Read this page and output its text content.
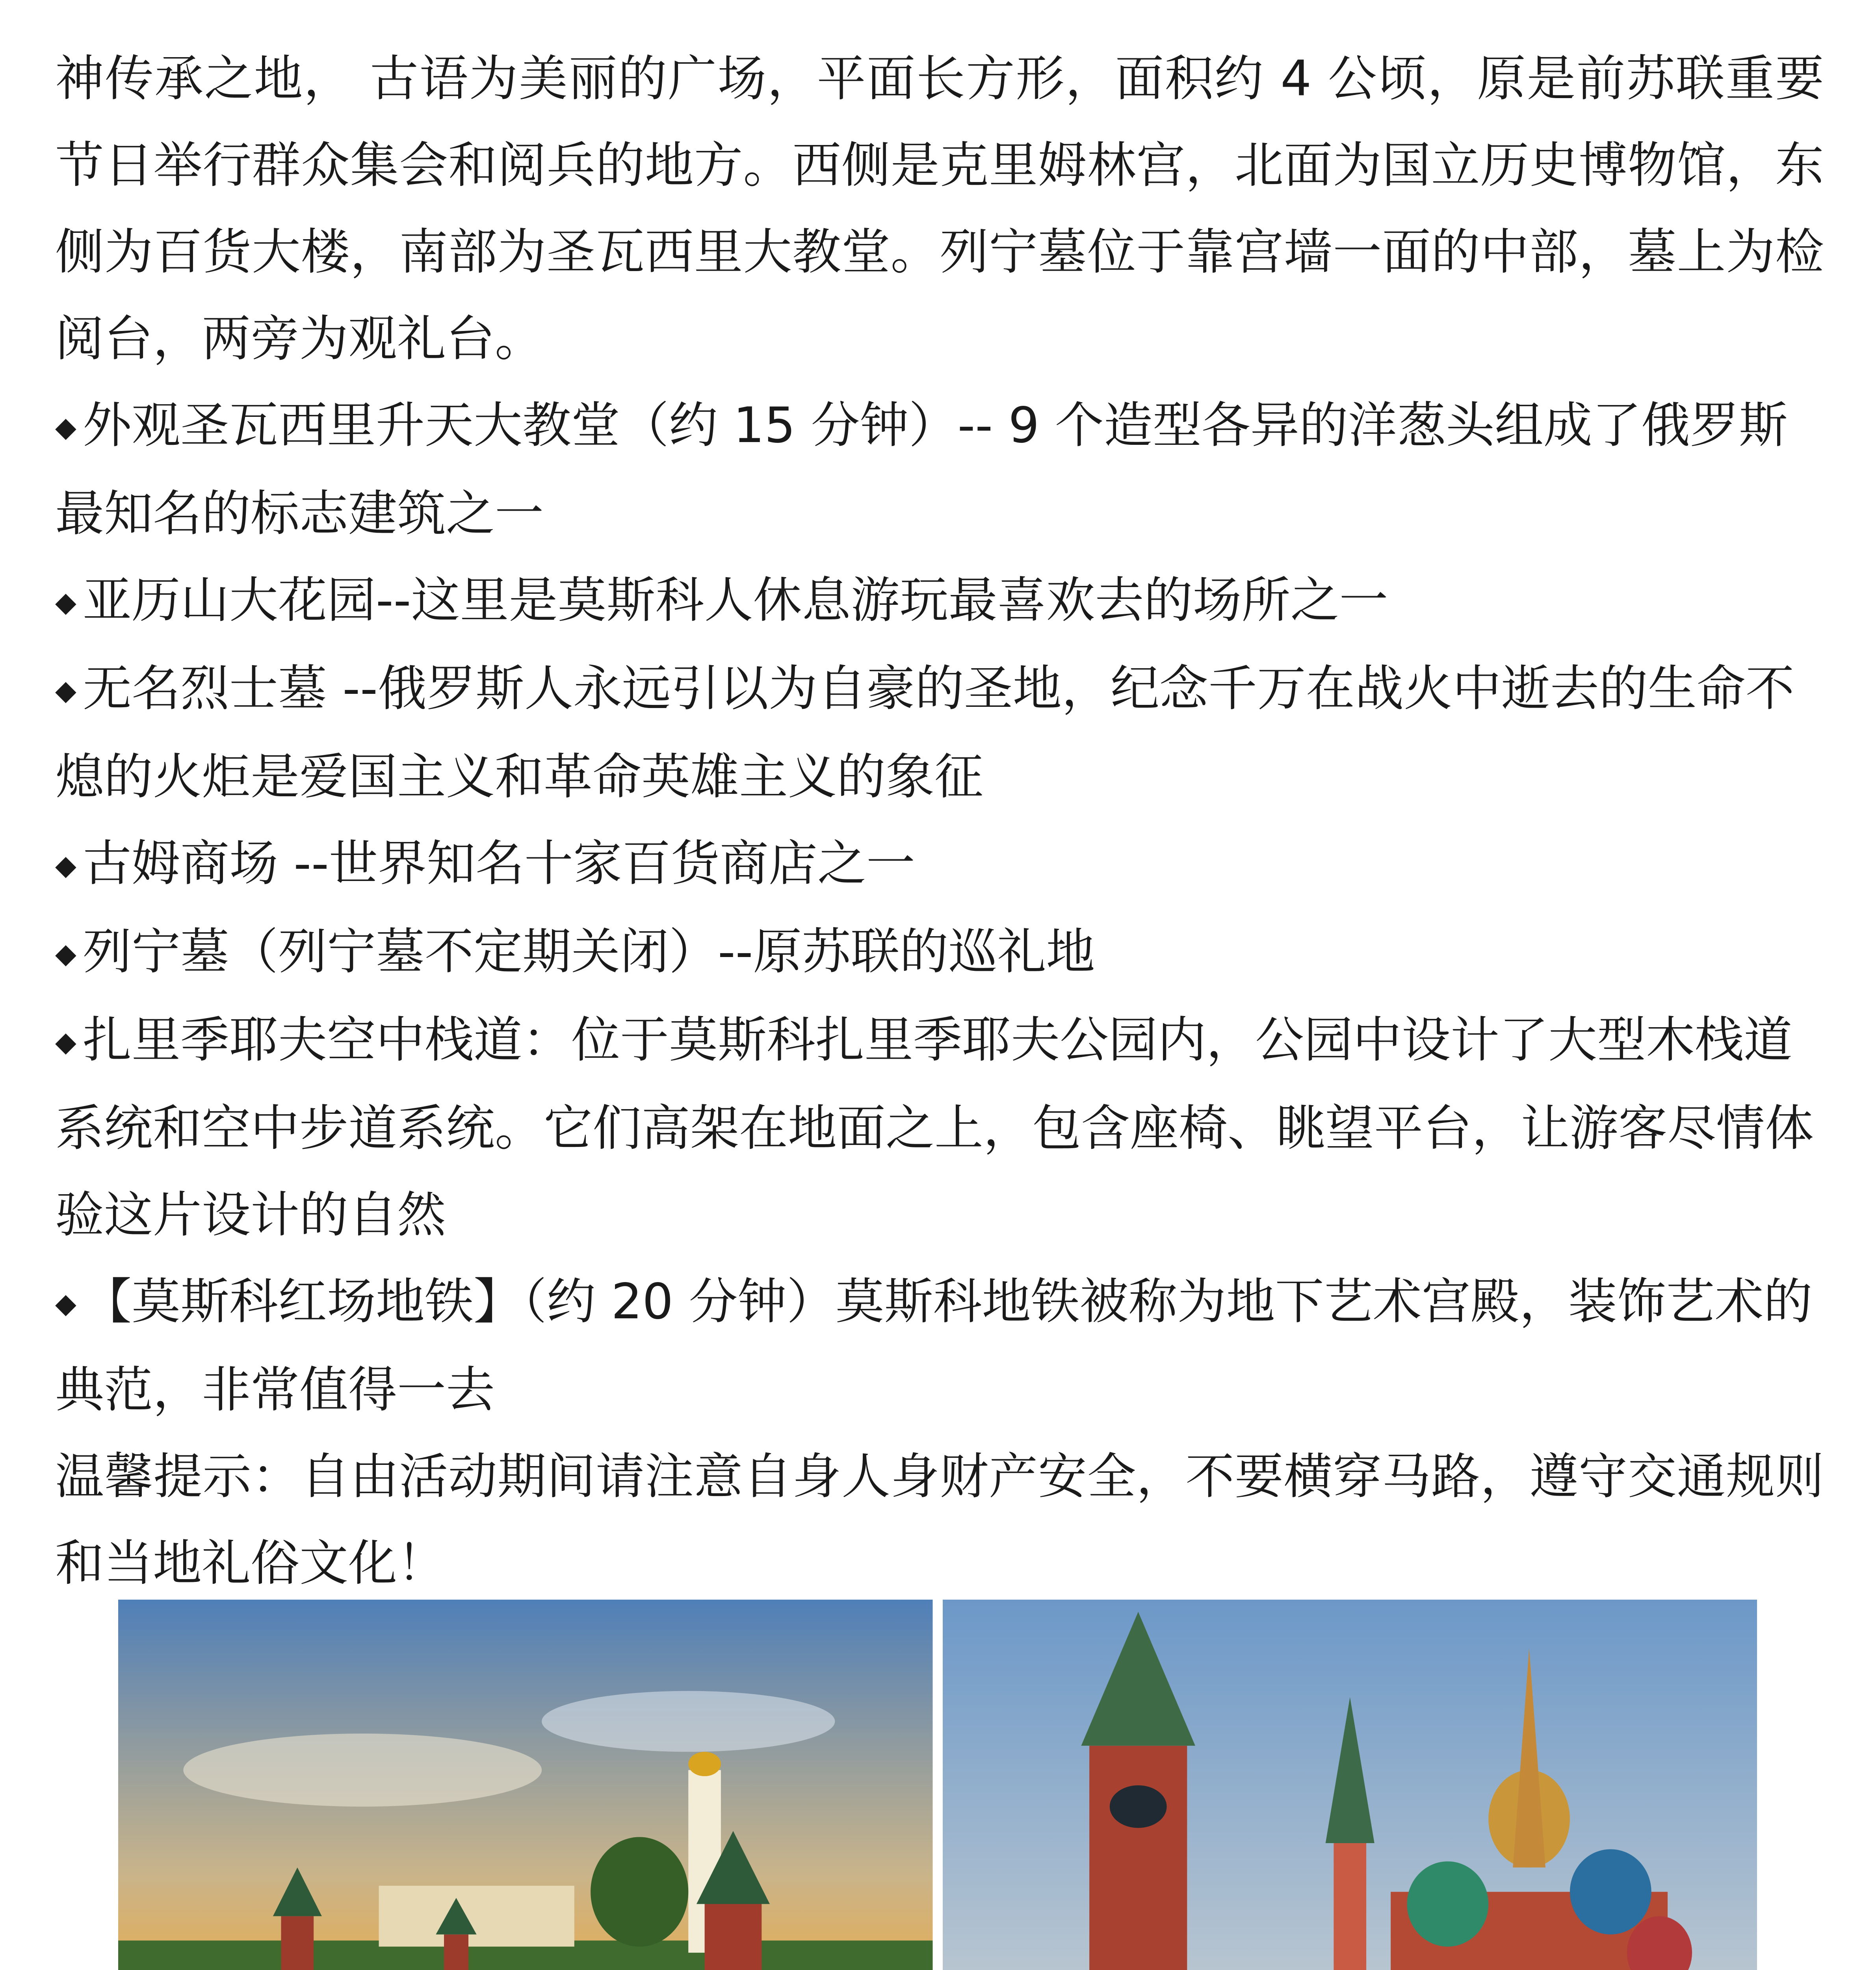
神传承之地， 古语为美丽的广场，平面长方形，面积约 4 公顷，原是前苏联重要节日举行群众集会和阅兵的地方。西侧是克里姆林宫，北面为国立历史博物馆，东侧为百货大楼，南部为圣瓦西里大教堂。列宁墓位于靠宫墙一面的中部，墓上为检阅台，两旁为观礼台。

◆ 外观圣瓦西里升天大教堂（约 15 分钟）-- 9 个造型各异的洋葱头组成了俄罗斯最知名的标志建筑之一

◆ 亚历山大花园--这里是莫斯科人休息游玩最喜欢去的场所之一

◆ 无名烈士墓 --俄罗斯人永远引以为自豪的圣地，纪念千万在战火中逝去的生命不熄的火炬是爱国主义和革命英雄主义的象征

◆ 古姆商场 --世界知名十家百货商店之一

◆ 列宁墓（列宁墓不定期关闭）--原苏联的巡礼地

◆ 扎里季耶夫空中栈道：位于莫斯科扎里季耶夫公园内，公园中设计了大型木栈道系统和空中步道系统。它们高架在地面之上，包含座椅、眺望平台，让游客尽情体验这片设计的自然

◆ 【莫斯科红场地铁】（约 20 分钟）莫斯科地铁被称为地下艺术宫殿，装饰艺术的典范，非常值得一去

温馨提示：自由活动期间请注意自身人身财产安全，不要横穿马路，遵守交通规则和当地礼俗文化！
